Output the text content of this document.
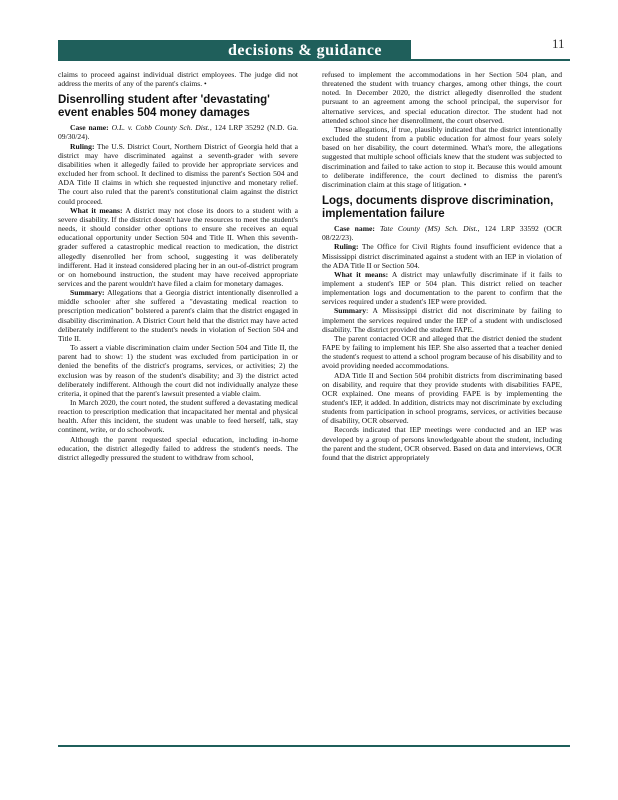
decisions & guidance	11

claims to proceed against individual district employees. The judge did not address the merits of any of the parent's claims. •

Disenrolling student after 'devastating' event enables 504 money damages

Case name: O.L. v. Cobb County Sch. Dist., 124 LRP 35292 (N.D. Ga. 09/30/24).

Ruling: The U.S. District Court, Northern District of Georgia held that a district may have discriminated against a seventh-grader with severe disabilities when it allegedly failed to provide her appropriate services and excluded her from school. It declined to dismiss the parent's Section 504 and ADA Title II claims in which she requested injunctive and monetary relief. The court also ruled that the parent's constitutional claim against the district could proceed.

What it means: A district may not close its doors to a student with a severe disability. If the district doesn't have the resources to meet the student's needs, it should consider other options to ensure she receives an equal educational opportunity under Section 504 and Title II. When this seventh-grader suffered a catastrophic medical reaction to medication, the district allegedly disenrolled her from school, suggesting it was deliberately indifferent. Had it instead considered placing her in an out-of-district program or on homebound instruction, the student may have received appropriate services and the parent wouldn't have filed a claim for monetary damages.

Summary: Allegations that a Georgia district intentionally disenrolled a middle schooler after she suffered a "devastating medical reaction to prescription medication" bolstered a parent's claim that the district engaged in disability discrimination. A District Court held that the district may have acted deliberately indifferent to the student's needs in violation of Section 504 and Title II.

To assert a viable discrimination claim under Section 504 and Title II, the parent had to show: 1) the student was excluded from participation in or denied the benefits of the district's programs, services, or activities; 2) the exclusion was by reason of the student's disability; and 3) the district acted deliberately indifferent. Although the court did not individually analyze these criteria, it opined that the parent's lawsuit presented a viable claim.

In March 2020, the court noted, the student suffered a devastating medical reaction to prescription medication that incapacitated her mental and physical health. After this incident, the student was unable to feed herself, talk, stay continent, write, or do schoolwork.

Although the parent requested special education, including in-home education, the district allegedly failed to address the student's needs. The district allegedly pressured the student to withdraw from school,

refused to implement the accommodations in her Section 504 plan, and threatened the student with truancy charges, among other things, the court noted. In December 2020, the district allegedly disenrolled the student pursuant to an agreement among the school principal, the supervisor for alternative services, and special education director. The student had not attended school since her disenrollment, the court observed.

These allegations, if true, plausibly indicated that the district intentionally excluded the student from a public education for almost four years solely based on her disability, the court determined. What's more, the allegations suggested that multiple school officials knew that the student was subjected to discrimination and failed to take action to stop it. Because this would amount to deliberate indifference, the court declined to dismiss the parent's discrimination claim at this stage of litigation. •

Logs, documents disprove discrimination, implementation failure

Case name: Tate County (MS) Sch. Dist., 124 LRP 33592 (OCR 08/22/23).

Ruling: The Office for Civil Rights found insufficient evidence that a Mississippi district discriminated against a student with an IEP in violation of the ADA Title II or Section 504.

What it means: A district may unlawfully discriminate if it fails to implement a student's IEP or 504 plan. This district relied on teacher implementation logs and documentation to the parent to confirm that the services required under a student's IEP were provided.

Summary: A Mississippi district did not discriminate by failing to implement the services required under the IEP of a student with undisclosed disability. The district provided the student FAPE.

The parent contacted OCR and alleged that the district denied the student FAPE by failing to implement his IEP. She also asserted that a teacher denied the student's request to attend a school program because of his disability and to avoid providing needed accommodations.

ADA Title II and Section 504 prohibit districts from discriminating based on disability, and require that they provide students with disabilities FAPE, OCR explained. One means of providing FAPE is by implementing the student's IEP, it added. In addition, districts may not discriminate by excluding students from participation in school programs, services, or activities because of disability, OCR observed.

Records indicated that IEP meetings were conducted and an IEP was developed by a group of persons knowledgeable about the student, including the parent and the student, OCR observed. Based on data and interviews, OCR found that the district appropriately
